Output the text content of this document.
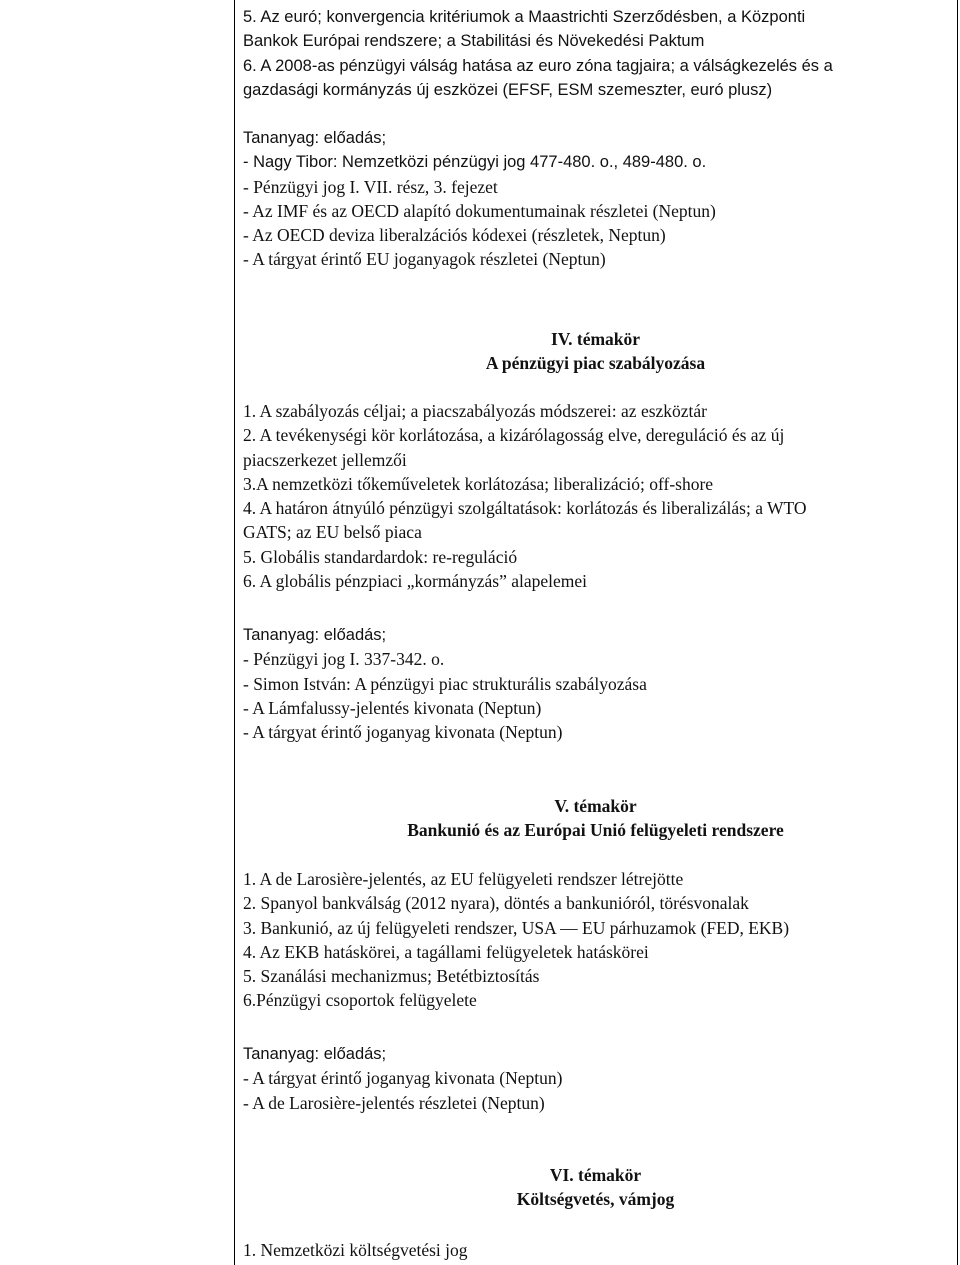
5. Az euró; konvergencia kritériumok a Maastrichti Szerződésben, a Központi
Bankok Európai rendszere; a Stabilitási és Növekedési Paktum
6. A 2008-as pénzügyi válság hatása az euro zóna tagjaira; a válságkezelés és a
gazdasági kormányzás új eszközei (EFSF, ESM szemeszter, euró plusz)
Tananyag: előadás;
- Nagy Tibor: Nemzetközi pénzügyi jog 477-480. o., 489-480. o.
- Pénzügyi jog I. VII. rész, 3. fejezet
- Az IMF és az OECD alapító dokumentumainak részletei (Neptun)
- Az OECD deviza liberalzációs kódexei (részletek, Neptun)
- A tárgyat érintő EU joganyagok részletei (Neptun)
IV. témakör
A pénzügyi piac szabályozása
1. A szabályozás céljai; a piacszabályozás módszerei: az eszköztár
2. A tevékenységi kör korlátozása, a kizárólagosság elve, dereguláció és az új
piacszerkezet jellemzői
3.A nemzetközi tőkeműveletek korlátozása; liberalizáció; off-shore
4. A határon átnyúló pénzügyi szolgáltatások: korlátozás és liberalizálás; a WTO
GATS; az EU belső piaca
5. Globális standardardok: re-reguláció
6. A globális pénzpiaci „kormányzás” alapelemei
Tananyag: előadás;
- Pénzügyi jog I. 337-342. o.
- Simon István: A pénzügyi piac strukturális szabályozása
- A Lámfalussy-jelentés kivonata (Neptun)
- A tárgyat érintő joganyag kivonata (Neptun)
V. témakör
Bankunió és az Európai Unió felügyeleti rendszere
1. A de Larosière-jelentés, az EU felügyeleti rendszer létrejötte
2. Spanyol bankválság (2012 nyara), döntés a bankunióról, törésvonalak
3. Bankunió, az új felügyeleti rendszer, USA — EU párhuzamok (FED, EKB)
4. Az EKB hatáskörei, a tagállami felügyeletek hatáskörei
5. Szanálási mechanizmus; Betétbiztosítás
6.Pénzügyi csoportok felügyelete
Tananyag: előadás;
- A tárgyat érintő joganyag kivonata (Neptun)
- A de Larosière-jelentés részletei (Neptun)
VI. témakör
Költségvetés, vámjog
1. Nemzetközi költségvetési jog
